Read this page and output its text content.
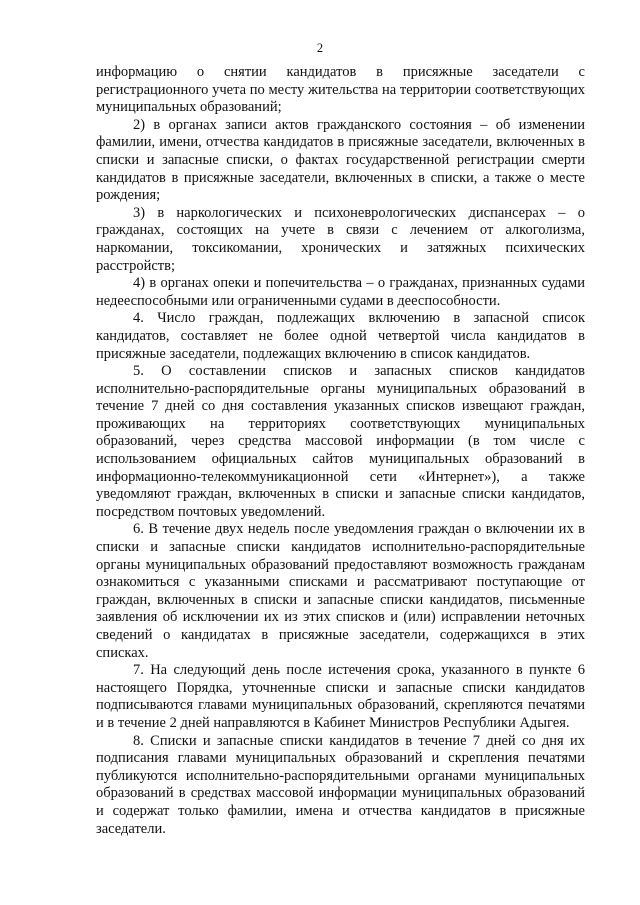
2

информацию о снятии кандидатов в присяжные заседатели с регистрационного учета по месту жительства на территории соответствующих муниципальных образований;

2) в органах записи актов гражданского состояния – об изменении фамилии, имени, отчества кандидатов в присяжные заседатели, включенных в списки и запасные списки, о фактах государственной регистрации смерти кандидатов в присяжные заседатели, включенных в списки, а также о месте рождения;

3) в наркологических и психоневрологических диспансерах – о гражданах, состоящих на учете в связи с лечением от алкоголизма, наркомании, токсикомании, хронических и затяжных психических расстройств;

4) в органах опеки и попечительства – о гражданах, признанных судами недееспособными или ограниченными судами в дееспособности.

4. Число граждан, подлежащих включению в запасной список кандидатов, составляет не более одной четвертой числа кандидатов в присяжные заседатели, подлежащих включению в список кандидатов.

5. О составлении списков и запасных списков кандидатов исполнительно-распорядительные органы муниципальных образований в течение 7 дней со дня составления указанных списков извещают граждан, проживающих на территориях соответствующих муниципальных образований, через средства массовой информации (в том числе с использованием официальных сайтов муниципальных образований в информационно-телекоммуникационной сети «Интернет»), а также уведомляют граждан, включенных в списки и запасные списки кандидатов, посредством почтовых уведомлений.

6. В течение двух недель после уведомления граждан о включении их в списки и запасные списки кандидатов исполнительно-распорядительные органы муниципальных образований предоставляют возможность гражданам ознакомиться с указанными списками и рассматривают поступающие от граждан, включенных в списки и запасные списки кандидатов, письменные заявления об исключении их из этих списков и (или) исправлении неточных сведений о кандидатах в присяжные заседатели, содержащихся в этих списках.

7. На следующий день после истечения срока, указанного в пункте 6 настоящего Порядка, уточненные списки и запасные списки кандидатов подписываются главами муниципальных образований, скрепляются печатями и в течение 2 дней направляются в Кабинет Министров Республики Адыгея.

8. Списки и запасные списки кандидатов в течение 7 дней со дня их подписания главами муниципальных образований и скрепления печатями публикуются исполнительно-распорядительными органами муниципальных образований в средствах массовой информации муниципальных образований и содержат только фамилии, имена и отчества кандидатов в присяжные заседатели.
